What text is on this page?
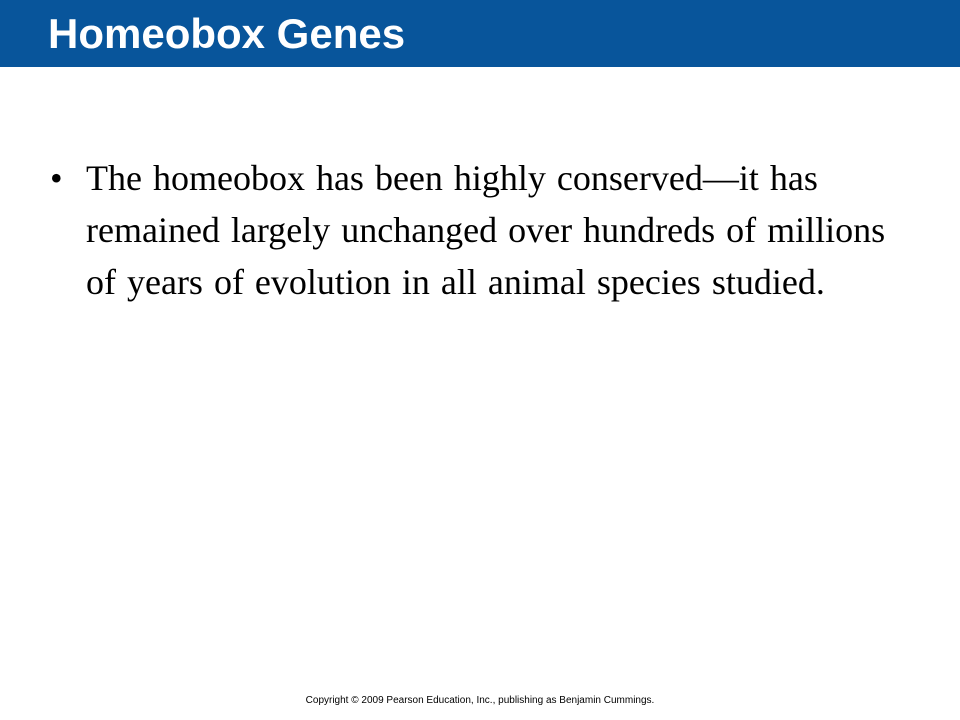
Homeobox Genes
• The homeobox has been highly conserved—it has remained largely unchanged over hundreds of millions of years of evolution in all animal species studied.
Copyright © 2009 Pearson Education, Inc., publishing as Benjamin Cummings.
